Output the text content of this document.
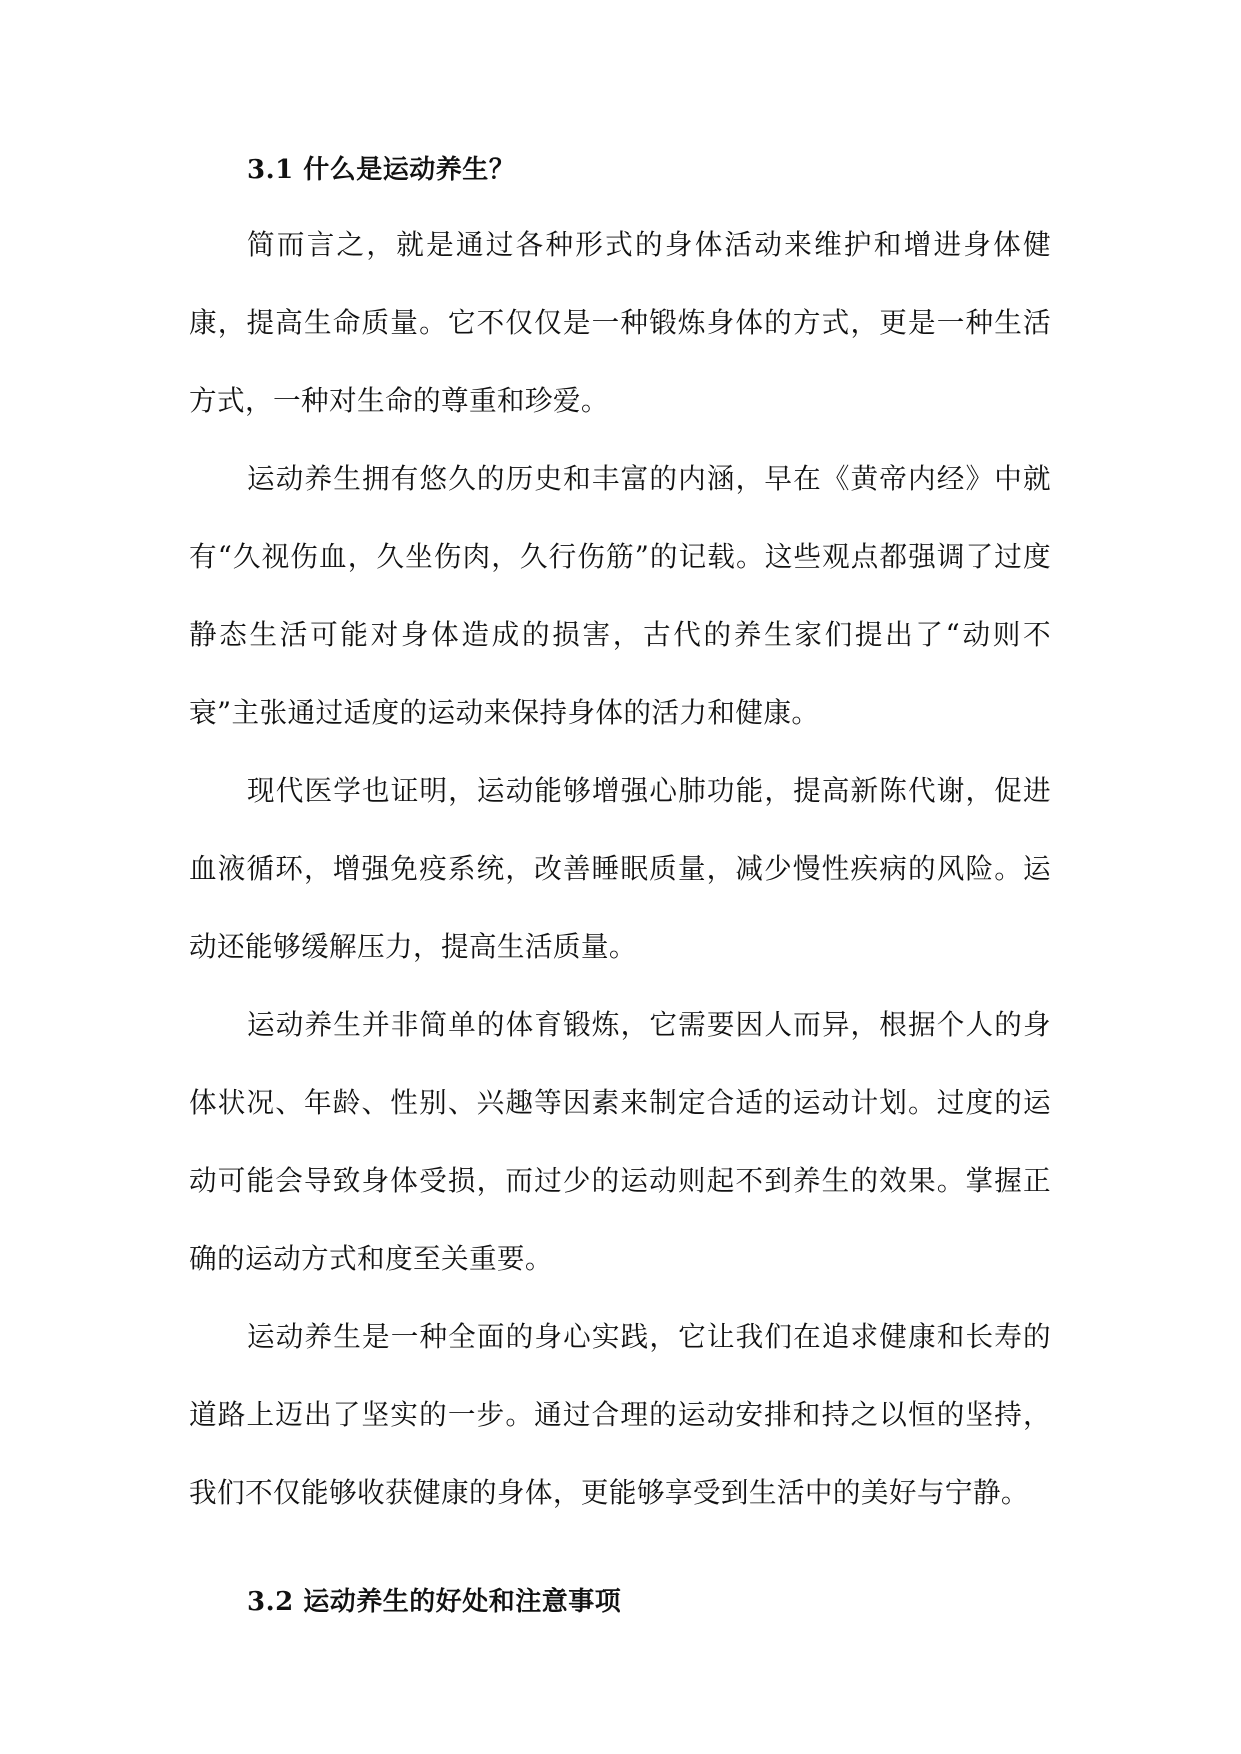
3.1 什么是运动养生？

简而言之，就是通过各种形式的身体活动来维护和增进身体健康，提高生命质量。它不仅仅是一种锻炼身体的方式，更是一种生活方式，一种对生命的尊重和珍爱。

运动养生拥有悠久的历史和丰富的内涵，早在《黄帝内经》中就有“久视伤血，久坐伤肉，久行伤筋”的记载。这些观点都强调了过度静态生活可能对身体造成的损害，古代的养生家们提出了“动则不衰”主张通过适度的运动来保持身体的活力和健康。

现代医学也证明，运动能够增强心肺功能，提高新陈代谢，促进血液循环，增强免疫系统，改善睡眠质量，减少慢性疾病的风险。运动还能够缓解压力，提高生活质量。

运动养生并非简单的体育锻炼，它需要因人而异，根据个人的身体状况、年龄、性别、兴趣等因素来制定合适的运动计划。过度的运动可能会导致身体受损，而过少的运动则起不到养生的效果。掌握正确的运动方式和度至关重要。

运动养生是一种全面的身心实践，它让我们在追求健康和长寿的道路上迈出了坚实的一步。通过合理的运动安排和持之以恒的坚持，我们不仅能够收获健康的身体，更能够享受到生活中的美好与宁静。

3.2 运动养生的好处和注意事项
